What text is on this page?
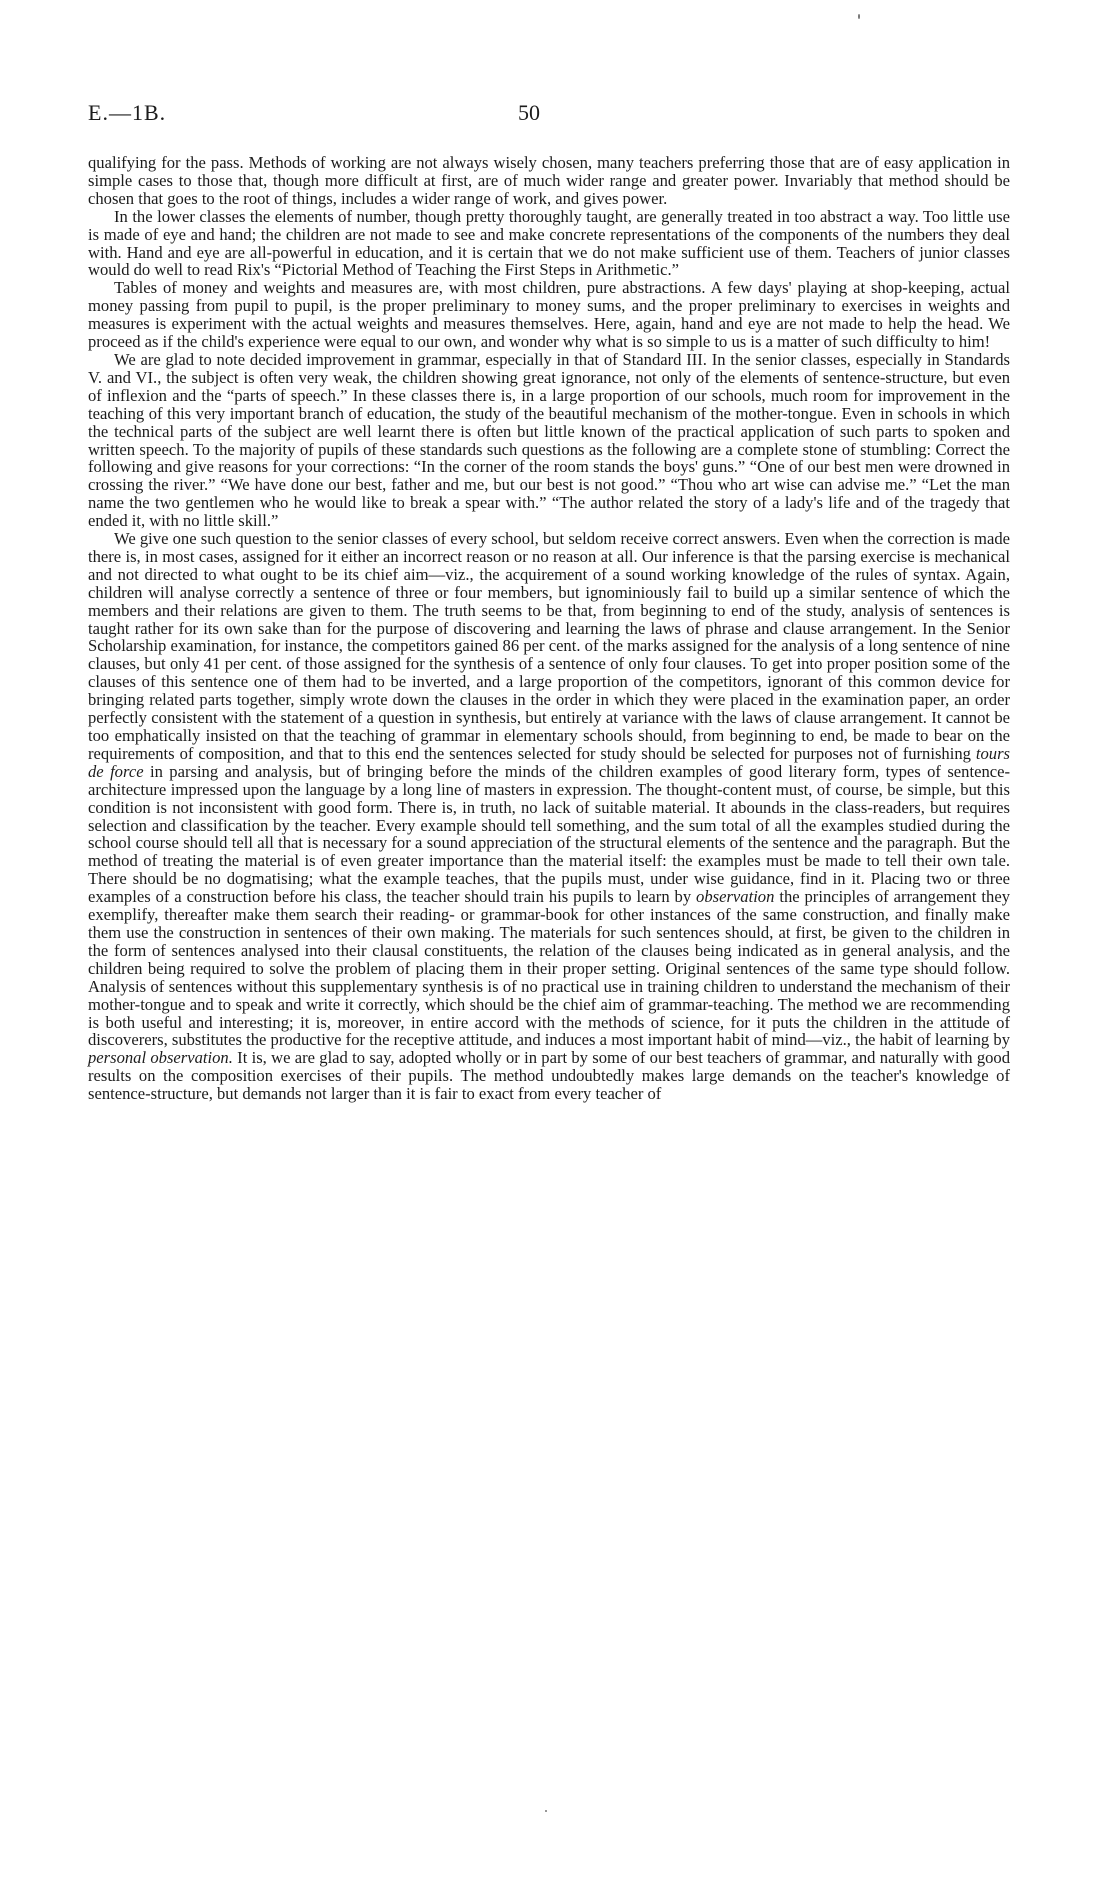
E.—1B.	50

qualifying for the pass. Methods of working are not always wisely chosen, many teachers preferring those that are of easy application in simple cases to those that, though more difficult at first, are of much wider range and greater power. Invariably that method should be chosen that goes to the root of things, includes a wider range of work, and gives power.

In the lower classes the elements of number, though pretty thoroughly taught, are generally treated in too abstract a way. Too little use is made of eye and hand; the children are not made to see and make concrete representations of the components of the numbers they deal with. Hand and eye are all-powerful in education, and it is certain that we do not make sufficient use of them. Teachers of junior classes would do well to read Rix's “Pictorial Method of Teaching the First Steps in Arithmetic.”

Tables of money and weights and measures are, with most children, pure abstractions. A few days' playing at shop-keeping, actual money passing from pupil to pupil, is the proper preliminary to money sums, and the proper preliminary to exercises in weights and measures is experiment with the actual weights and measures themselves. Here, again, hand and eye are not made to help the head. We proceed as if the child's experience were equal to our own, and wonder why what is so simple to us is a matter of such difficulty to him!

We are glad to note decided improvement in grammar, especially in that of Standard III. In the senior classes, especially in Standards V. and VI., the subject is often very weak, the children showing great ignorance, not only of the elements of sentence-structure, but even of inflexion and the “parts of speech.” In these classes there is, in a large proportion of our schools, much room for improvement in the teaching of this very important branch of education, the study of the beautiful mechanism of the mother-tongue. Even in schools in which the technical parts of the subject are well learnt there is often but little known of the practical application of such parts to spoken and written speech. To the majority of pupils of these standards such questions as the following are a complete stone of stumbling: Correct the following and give reasons for your corrections: “In the corner of the room stands the boys' guns.” “One of our best men were drowned in crossing the river.” “We have done our best, father and me, but our best is not good.” “Thou who art wise can advise me.” “Let the man name the two gentlemen who he would like to break a spear with.” “The author related the story of a lady's life and of the tragedy that ended it, with no little skill.”

We give one such question to the senior classes of every school, but seldom receive correct answers. Even when the correction is made there is, in most cases, assigned for it either an incorrect reason or no reason at all. Our inference is that the parsing exercise is mechanical and not directed to what ought to be its chief aim—viz., the acquirement of a sound working knowledge of the rules of syntax. Again, children will analyse correctly a sentence of three or four members, but ignominiously fail to build up a similar sentence of which the members and their relations are given to them. The truth seems to be that, from beginning to end of the study, analysis of sentences is taught rather for its own sake than for the purpose of discovering and learning the laws of phrase and clause arrangement. In the Senior Scholarship examination, for instance, the competitors gained 86 per cent. of the marks assigned for the analysis of a long sentence of nine clauses, but only 41 per cent. of those assigned for the synthesis of a sentence of only four clauses. To get into proper position some of the clauses of this sentence one of them had to be inverted, and a large proportion of the competitors, ignorant of this common device for bringing related parts together, simply wrote down the clauses in the order in which they were placed in the examination paper, an order perfectly consistent with the statement of a question in synthesis, but entirely at variance with the laws of clause arrangement. It cannot be too emphatically insisted on that the teaching of grammar in elementary schools should, from beginning to end, be made to bear on the requirements of composition, and that to this end the sentences selected for study should be selected for purposes not of furnishing tours de force in parsing and analysis, but of bringing before the minds of the children examples of good literary form, types of sentence-architecture impressed upon the language by a long line of masters in expression. The thought-content must, of course, be simple, but this condition is not inconsistent with good form. There is, in truth, no lack of suitable material. It abounds in the class-readers, but requires selection and classification by the teacher. Every example should tell something, and the sum total of all the examples studied during the school course should tell all that is necessary for a sound appreciation of the structural elements of the sentence and the paragraph. But the method of treating the material is of even greater importance than the material itself: the examples must be made to tell their own tale. There should be no dogmatising; what the example teaches, that the pupils must, under wise guidance, find in it. Placing two or three examples of a construction before his class, the teacher should train his pupils to learn by observation the principles of arrangement they exemplify, thereafter make them search their reading- or grammar-book for other instances of the same construction, and finally make them use the construction in sentences of their own making. The materials for such sentences should, at first, be given to the children in the form of sentences analysed into their clausal constituents, the relation of the clauses being indicated as in general analysis, and the children being required to solve the problem of placing them in their proper setting. Original sentences of the same type should follow. Analysis of sentences without this supplementary synthesis is of no practical use in training children to understand the mechanism of their mother-tongue and to speak and write it correctly, which should be the chief aim of grammar-teaching. The method we are recommending is both useful and interesting; it is, moreover, in entire accord with the methods of science, for it puts the children in the attitude of discoverers, substitutes the productive for the receptive attitude, and induces a most important habit of mind—viz., the habit of learning by personal observation. It is, we are glad to say, adopted wholly or in part by some of our best teachers of grammar, and naturally with good results on the composition exercises of their pupils. The method undoubtedly makes large demands on the teacher's knowledge of sentence-structure, but demands not larger than it is fair to exact from every teacher of
